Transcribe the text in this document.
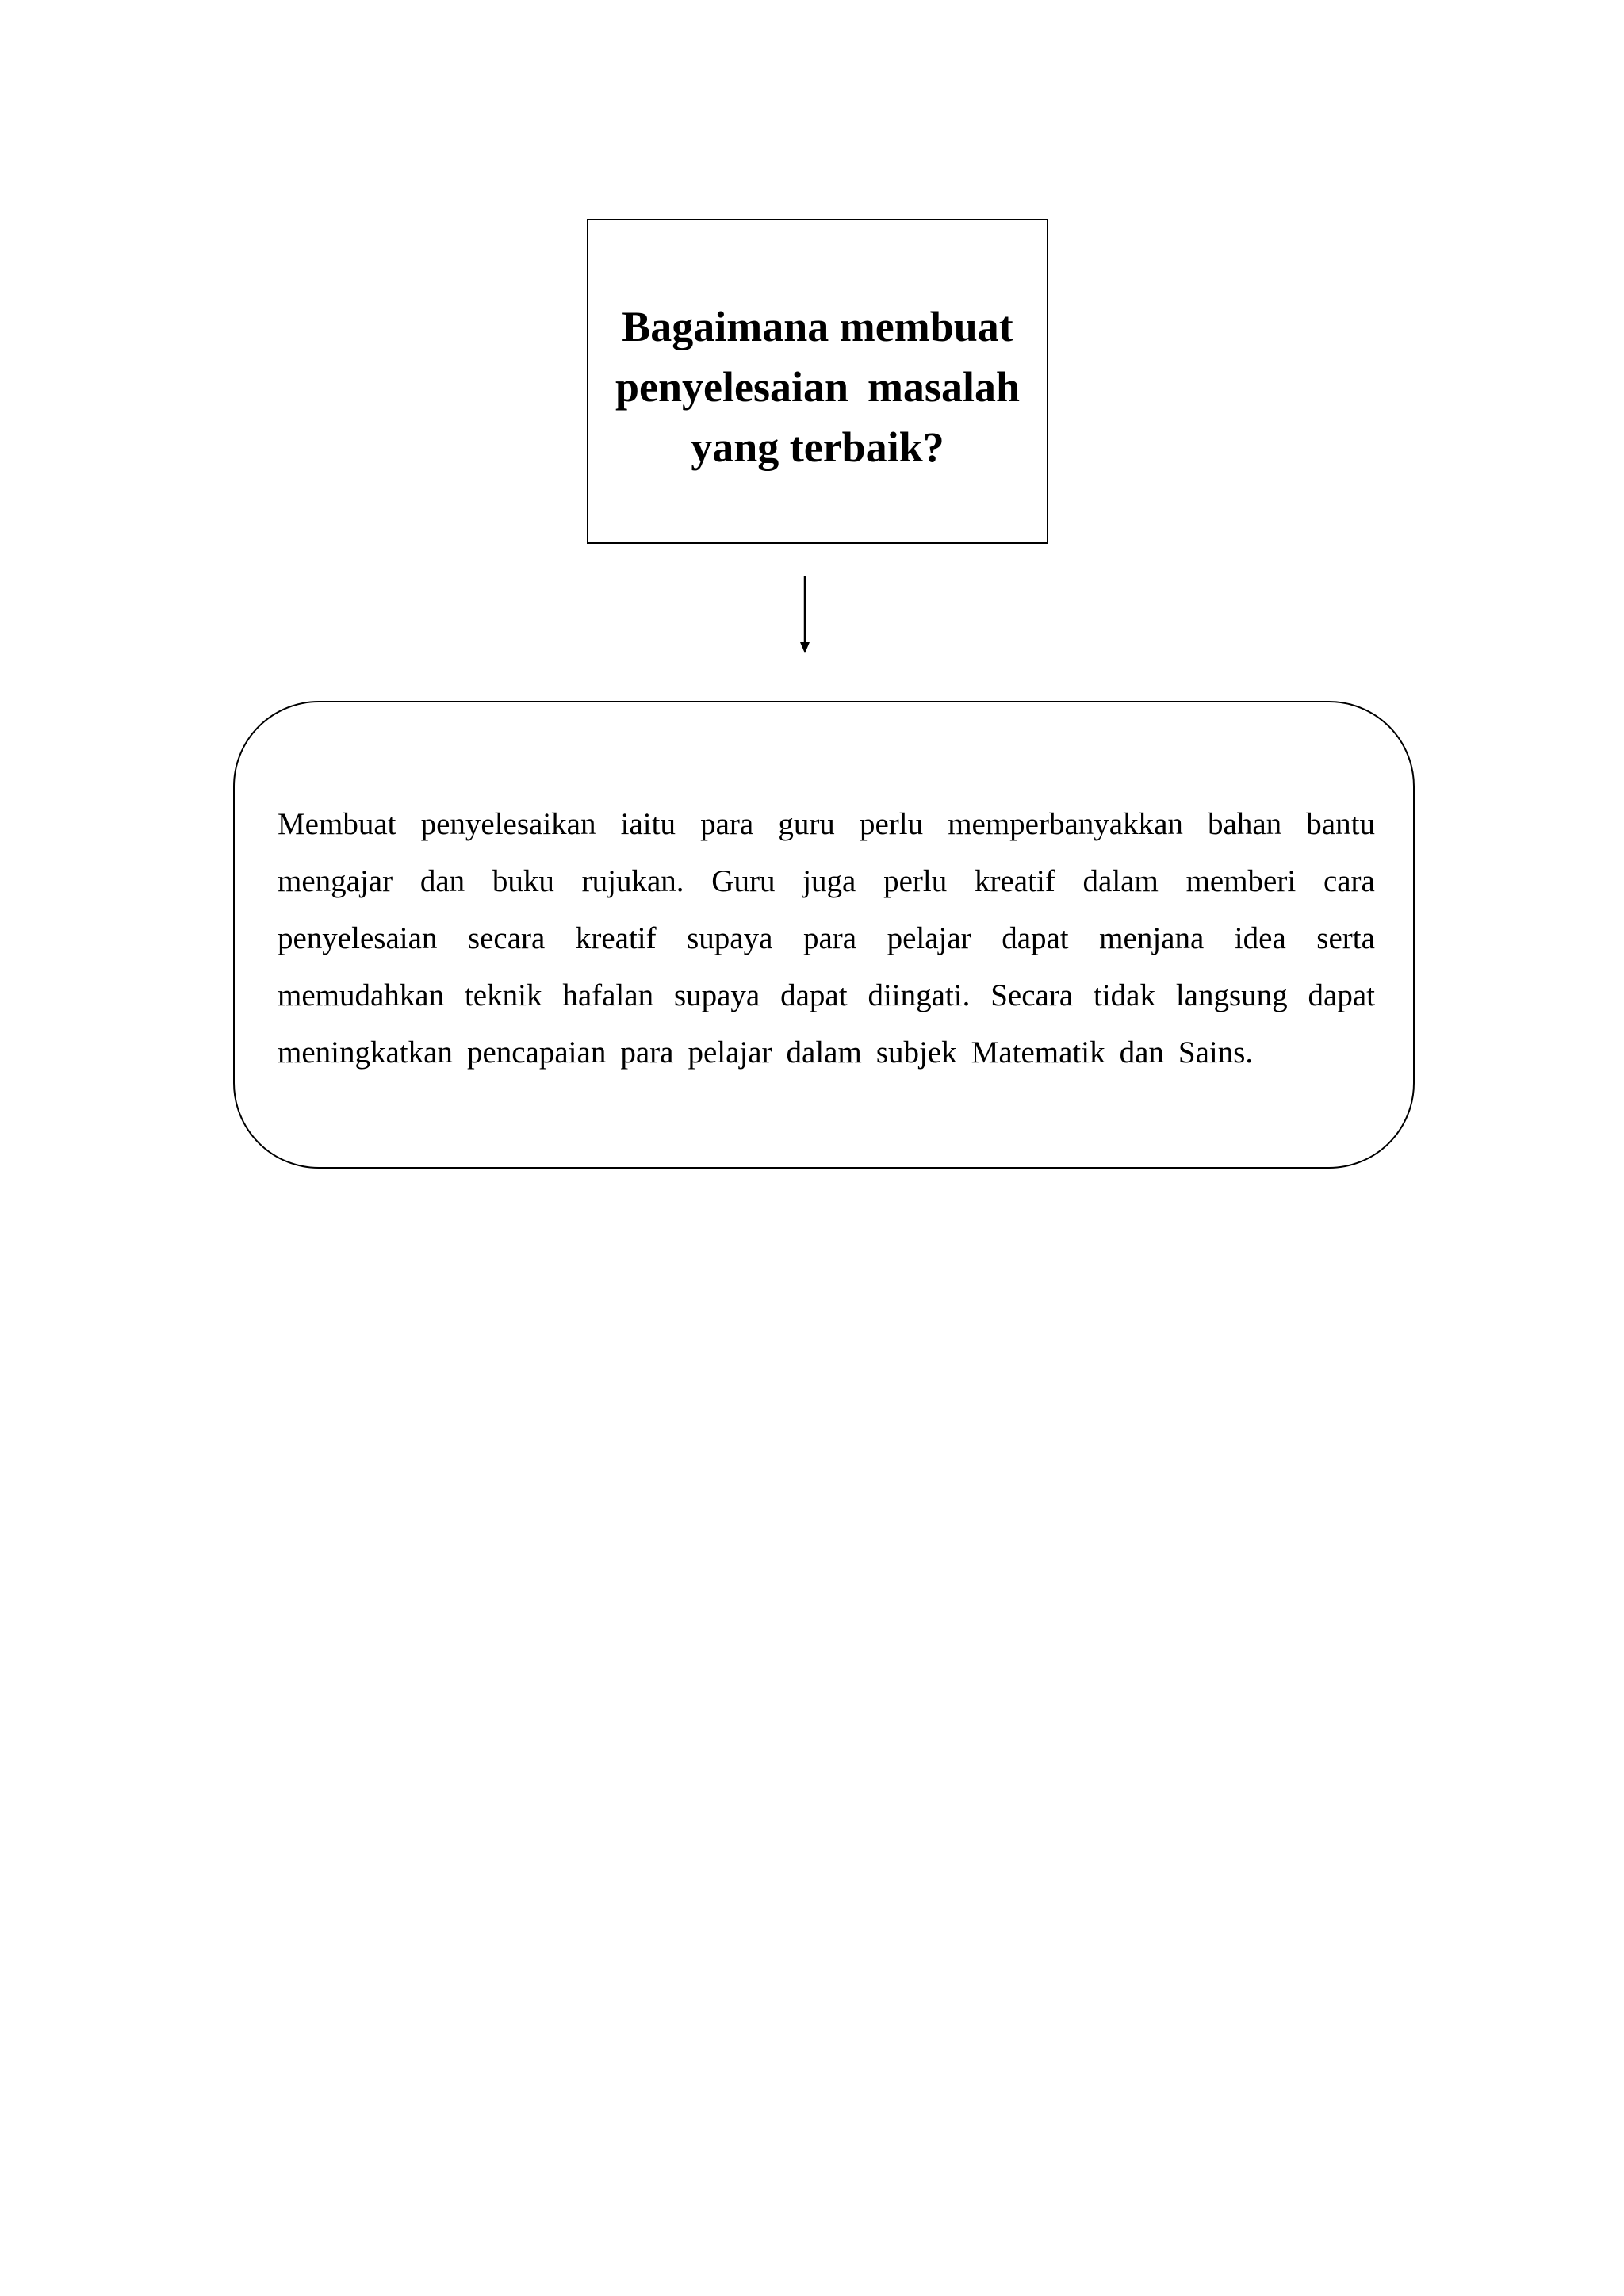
Bagaimana membuat
penyelesaian masalah
yang terbaik?
Membuat penyelesaikan iaitu para guru perlu memperbanyakkan bahan bantu
mengajar dan buku rujukan. Guru juga perlu kreatif dalam memberi cara
penyelesaian secara kreatif supaya para pelajar dapat menjana idea serta
memudahkan teknik hafalan supaya dapat diingati. Secara tidak langsung dapat
meningkatkan pencapaian para pelajar dalam subjek Matematik dan Sains.
